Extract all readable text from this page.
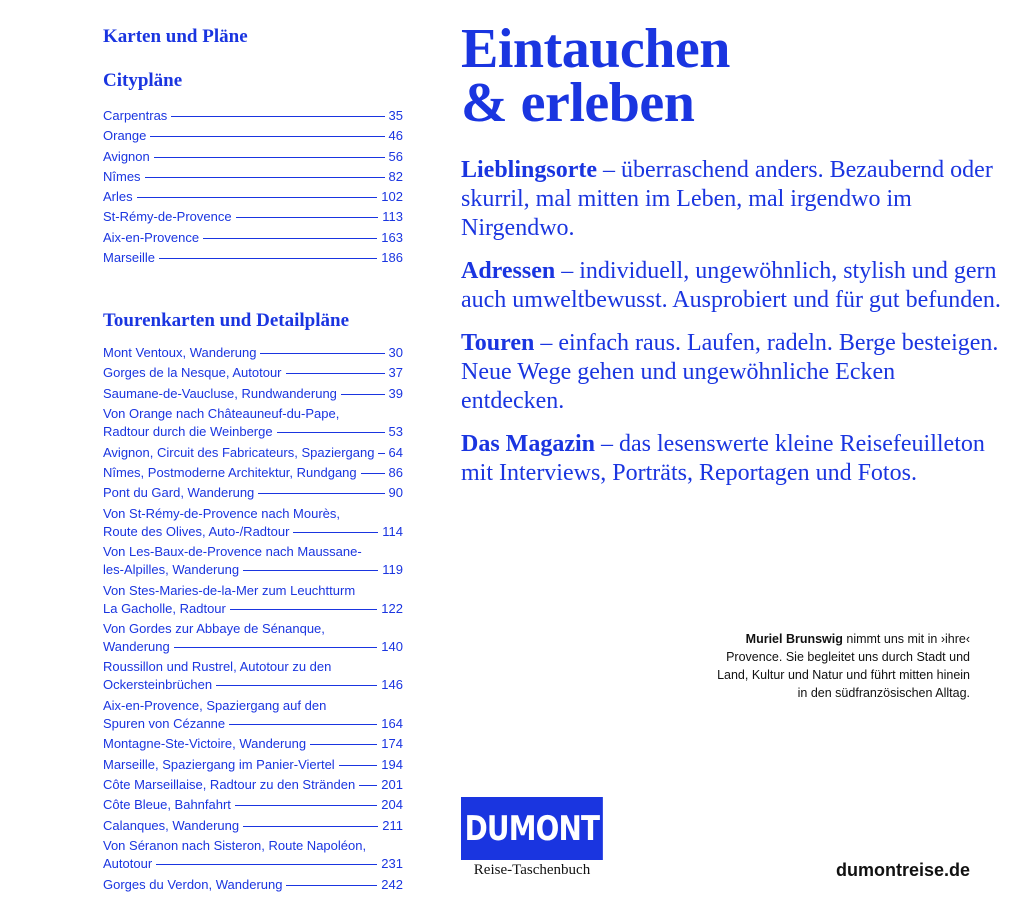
Karten und Pläne
Citypläne
Carpentras	35
Orange	46
Avignon	56
Nîmes	82
Arles	102
St-Rémy-de-Provence	113
Aix-en-Provence	163
Marseille	186
Tourenkarten und Detailpläne
Mont Ventoux, Wanderung	30
Gorges de la Nesque, Autotour	37
Saumane-de-Vaucluse, Rundwanderung	39
Von Orange nach Châteauneuf-du-Pape,
Radtour durch die Weinberge	53
Avignon, Circuit des Fabricateurs, Spaziergang 64
Nîmes, Postmoderne Architektur, Rundgang 86
Pont du Gard, Wanderung	90
Von St-Rémy-de-Provence nach Mourès,
Route des Olives, Auto-/Radtour	114
Von Les-Baux-de-Provence nach Maussane-
les-Alpilles, Wanderung	119
Von Stes-Maries-de-la-Mer zum Leuchtturm
La Gacholle, Radtour	122
Von Gordes zur Abbaye de Sénanque,
Wanderung	140
Roussillon und Rustrel, Autotour zu den
Ockersteinbrüchen	146
Aix-en-Provence, Spaziergang auf den
Spuren von Cézanne	164
Montagne-Ste-Victoire, Wanderung	174
Marseille, Spaziergang im Panier-Viertel	194
Côte Marseillaise, Radtour zu den Stränden 201
Côte Bleue, Bahnfahrt	204
Calanques, Wanderung	211
Von Séranon nach Sisteron, Route Napoléon,
Autotour	231
Gorges du Verdon, Wanderung	242
Eintauchen
& erleben

Lieblingsorte – überraschend anders. Bezaubernd oder skurril, mal mitten im Leben, mal irgendwo im Nirgendwo.

Adressen – individuell, ungewöhnlich, stylish und gern auch umweltbewusst. Ausprobiert und für gut befunden.

Touren – einfach raus. Laufen, radeln. Berge besteigen. Neue Wege gehen und ungewöhnliche Ecken entdecken.

Das Magazin – das lesenswerte kleine Reisefeuilleton mit Interviews, Porträts, Reportagen und Fotos.

Muriel Brunswig nimmt uns mit in ›ihre‹ Provence. Sie begleitet uns durch Stadt und Land, Kultur und Natur und führt mitten hinein in den südfranzösischen Alltag.
DUMONT
Reise-Taschenbuch	dumontreise.de
